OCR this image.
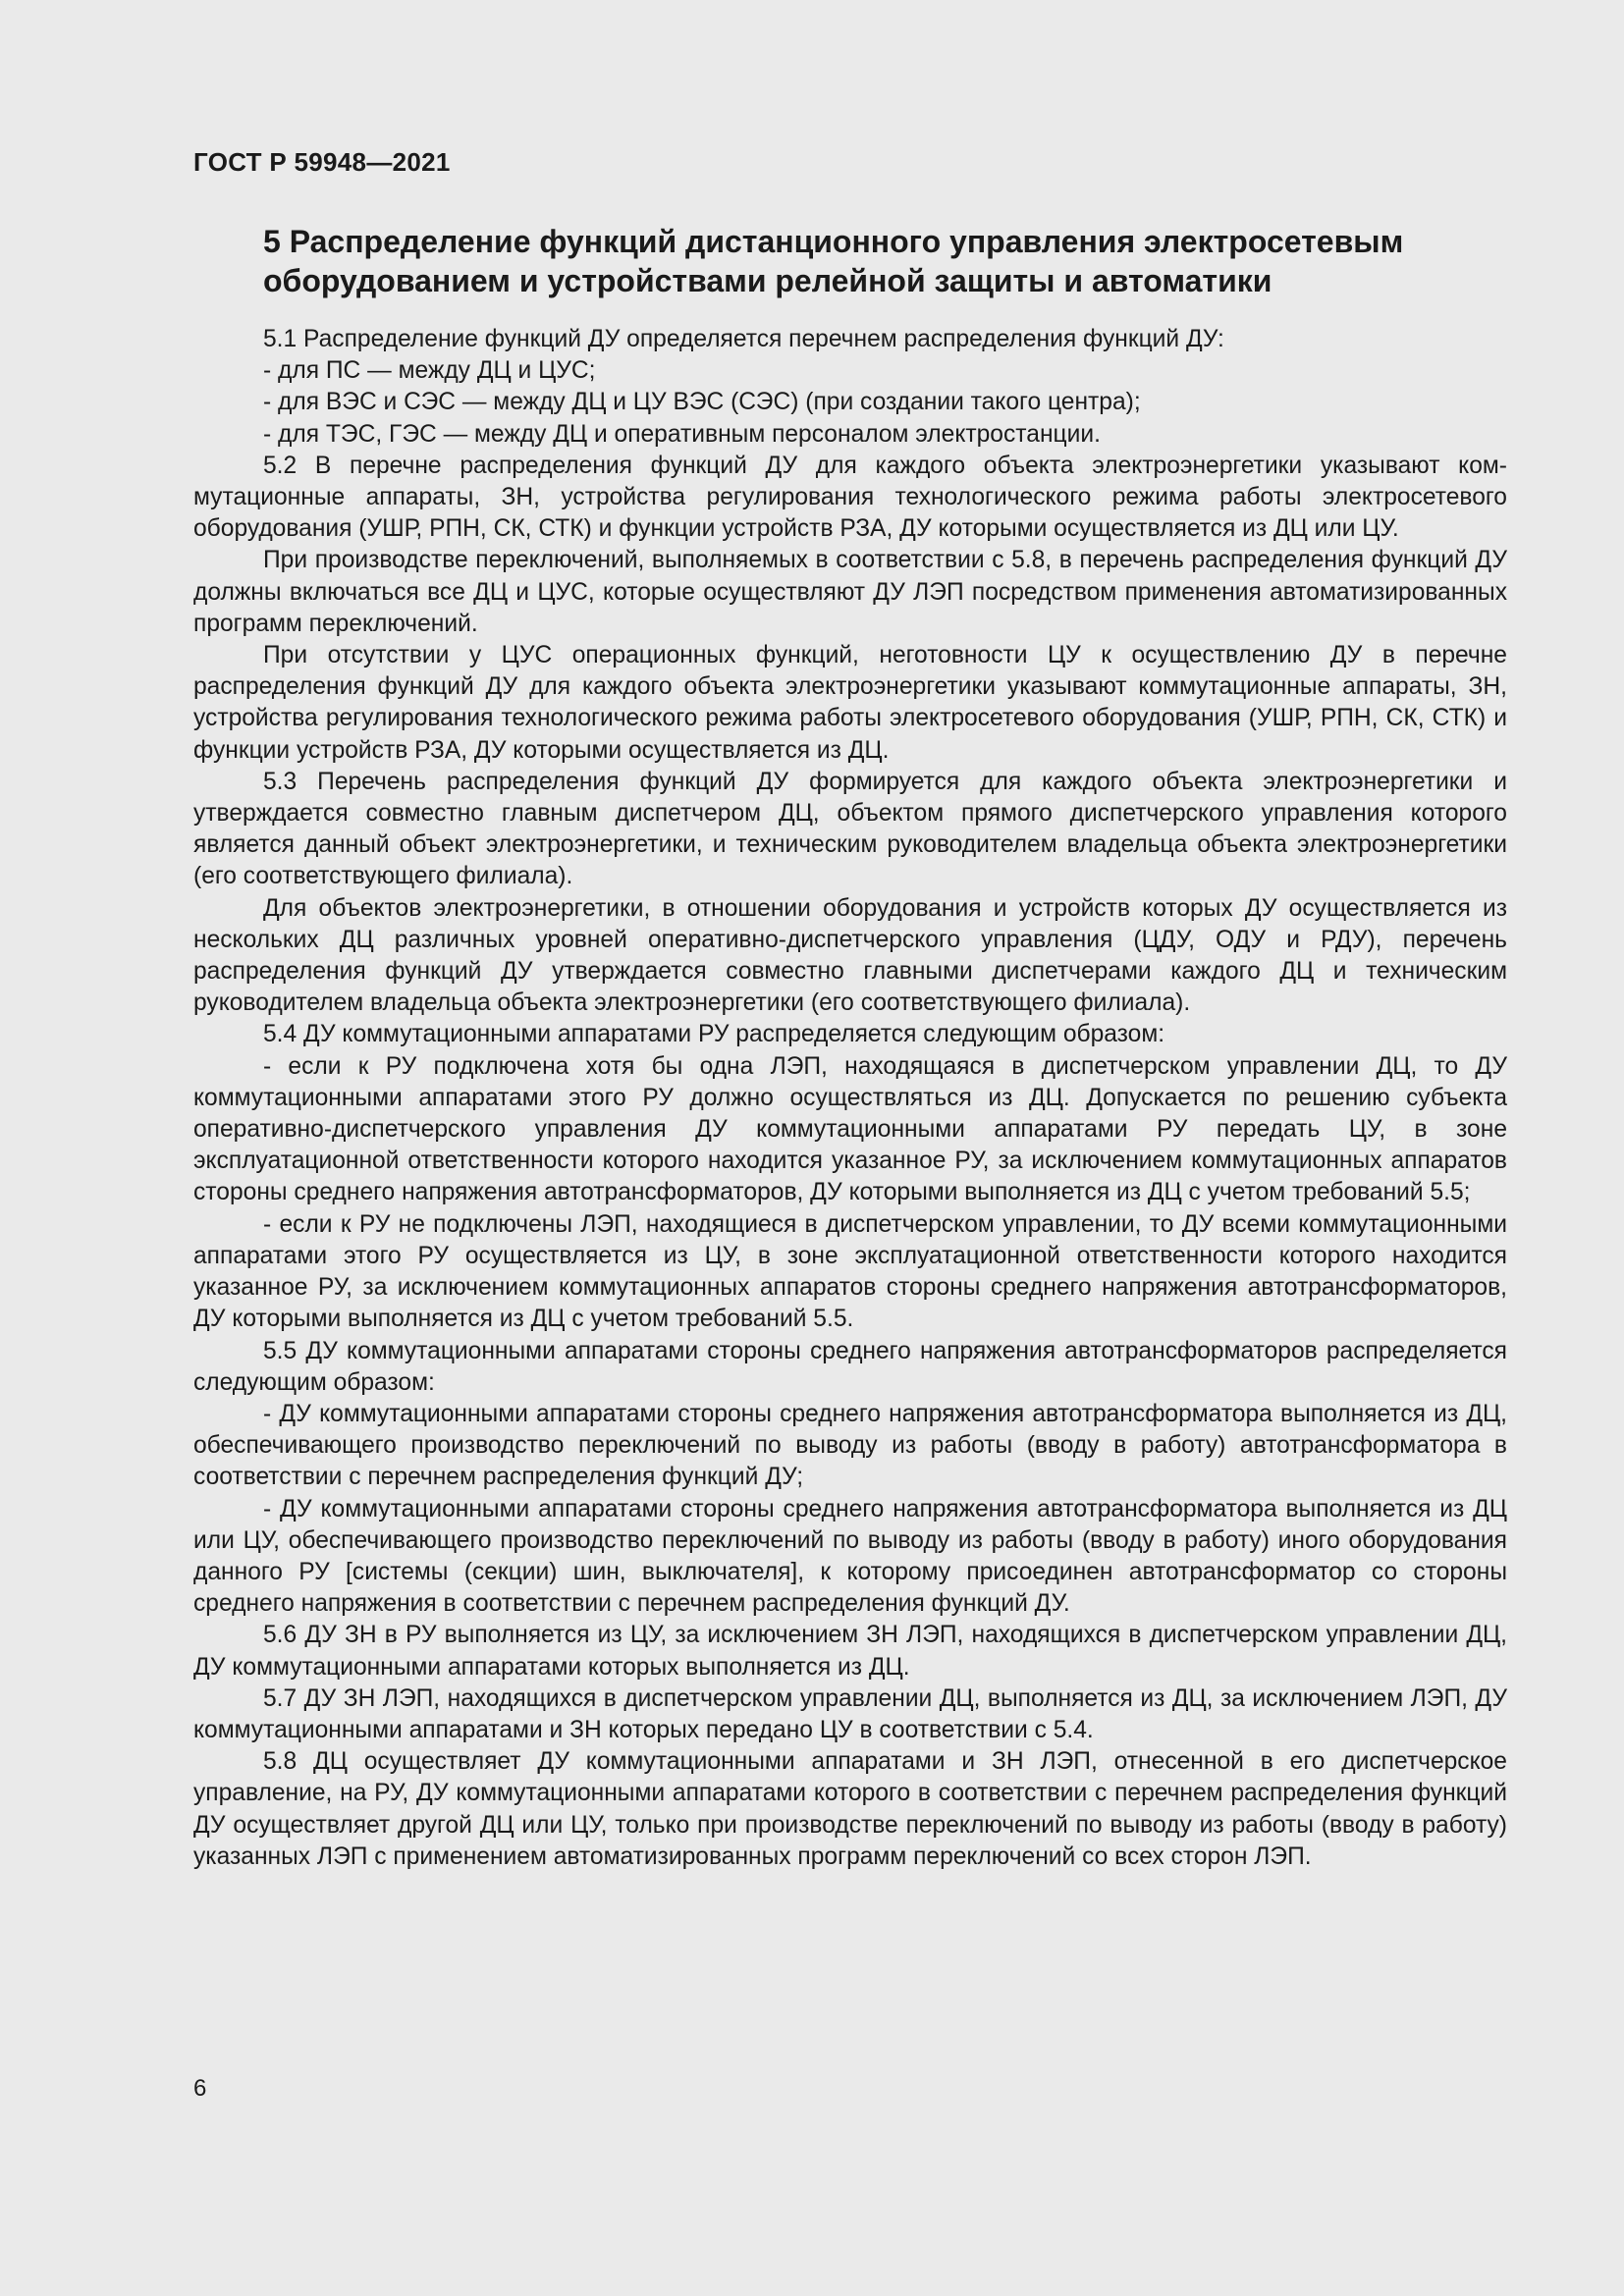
ГОСТ Р 59948—2021
5 Распределение функций дистанционного управления электросетевым
оборудованием и устройствами релейной защиты и автоматики

5.1 Распределение функций ДУ определяется перечнем распределения функций ДУ:

- для ПС — между ДЦ и ЦУС;

- для ВЭС и СЭС — между ДЦ и ЦУ ВЭС (СЭС) (при создании такого центра);

- для ТЭС, ГЭС — между ДЦ и оперативным персоналом электростанции.

5.2 В перечне распределения функций ДУ для каждого объекта электроэнергетики указывают коммутационные аппараты, ЗН, устройства регулирования технологического режима работы электросетевого оборудования (УШР, РПН, СК, СТК) и функции устройств РЗА, ДУ которыми осуществляется из ДЦ или ЦУ.

При производстве переключений, выполняемых в соответствии с 5.8, в перечень распределения функций ДУ должны включаться все ДЦ и ЦУС, которые осуществляют ДУ ЛЭП посредством применения автоматизированных программ переключений.

При отсутствии у ЦУС операционных функций, неготовности ЦУ к осуществлению ДУ в перечне распределения функций ДУ для каждого объекта электроэнергетики указывают коммутационные аппараты, ЗН, устройства регулирования технологического режима работы электросетевого оборудования (УШР, РПН, СК, СТК) и функции устройств РЗА, ДУ которыми осуществляется из ДЦ.

5.3 Перечень распределения функций ДУ формируется для каждого объекта электроэнергетики и утверждается совместно главным диспетчером ДЦ, объектом прямого диспетчерского управления которого является данный объект электроэнергетики, и техническим руководителем владельца объекта электроэнергетики (его соответствующего филиала).

Для объектов электроэнергетики, в отношении оборудования и устройств которых ДУ осуществляется из нескольких ДЦ различных уровней оперативно-диспетчерского управления (ЦДУ, ОДУ и РДУ), перечень распределения функций ДУ утверждается совместно главными диспетчерами каждого ДЦ и техническим руководителем владельца объекта электроэнергетики (его соответствующего филиала).

5.4 ДУ коммутационными аппаратами РУ распределяется следующим образом:

- если к РУ подключена хотя бы одна ЛЭП, находящаяся в диспетчерском управлении ДЦ, то ДУ коммутационными аппаратами этого РУ должно осуществляться из ДЦ. Допускается по решению субъекта оперативно-диспетчерского управления ДУ коммутационными аппаратами РУ передать ЦУ, в зоне эксплуатационной ответственности которого находится указанное РУ, за исключением коммутационных аппаратов стороны среднего напряжения автотрансформаторов, ДУ которыми выполняется из ДЦ с учетом требований 5.5;

- если к РУ не подключены ЛЭП, находящиеся в диспетчерском управлении, то ДУ всеми коммутационными аппаратами этого РУ осуществляется из ЦУ, в зоне эксплуатационной ответственности которого находится указанное РУ, за исключением коммутационных аппаратов стороны среднего напряжения автотрансформаторов, ДУ которыми выполняется из ДЦ с учетом требований 5.5.

5.5 ДУ коммутационными аппаратами стороны среднего напряжения автотрансформаторов распределяется следующим образом:

- ДУ коммутационными аппаратами стороны среднего напряжения автотрансформатора выполняется из ДЦ, обеспечивающего производство переключений по выводу из работы (вводу в работу) автотрансформатора в соответствии с перечнем распределения функций ДУ;

- ДУ коммутационными аппаратами стороны среднего напряжения автотрансформатора выполняется из ДЦ или ЦУ, обеспечивающего производство переключений по выводу из работы (вводу в работу) иного оборудования данного РУ [системы (секции) шин, выключателя], к которому присоединен автотрансформатор со стороны среднего напряжения в соответствии с перечнем распределения функций ДУ.

5.6 ДУ ЗН в РУ выполняется из ЦУ, за исключением ЗН ЛЭП, находящихся в диспетчерском управлении ДЦ, ДУ коммутационными аппаратами которых выполняется из ДЦ.

5.7 ДУ ЗН ЛЭП, находящихся в диспетчерском управлении ДЦ, выполняется из ДЦ, за исключением ЛЭП, ДУ коммутационными аппаратами и ЗН которых передано ЦУ в соответствии с 5.4.

5.8 ДЦ осуществляет ДУ коммутационными аппаратами и ЗН ЛЭП, отнесенной в его диспетчерское управление, на РУ, ДУ коммутационными аппаратами которого в соответствии с перечнем распределения функций ДУ осуществляет другой ДЦ или ЦУ, только при производстве переключений по выводу из работы (вводу в работу) указанных ЛЭП с применением автоматизированных программ переключений со всех сторон ЛЭП.

6
